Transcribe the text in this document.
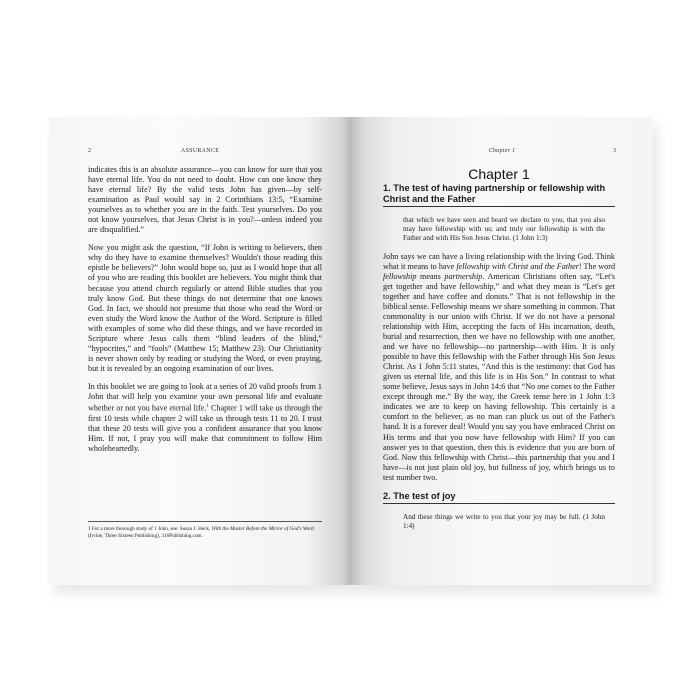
2	ASSURANCE

indicates this is an absolute assurance—you can know for sure that you have eternal life. You do not need to doubt. How can one know they have eternal life? By the valid tests John has given—by self-examination as Paul would say in 2 Corinthians 13:5, “Examine yourselves as to whether you are in the faith. Test yourselves. Do you not know yourselves, that Jesus Christ is in you?—unless indeed you are disqualified.”

Now you might ask the question, “If John is writing to believers, then why do they have to examine themselves? Wouldn't those reading this epistle be believers?” John would hope so, just as I would hope that all of you who are reading this booklet are believers. You might think that because you attend church regularly or attend Bible studies that you truly know God. But these things do not determine that one knows God. In fact, we should not presume that those who read the Word or even study the Word know the Author of the Word. Scripture is filled with examples of some who did these things, and we have recorded in Scripture where Jesus calls them “blind leaders of the blind,” “hypocrites,” and “fools” (Matthew 15; Matthew 23). Our Christianity is never shown only by reading or studying the Word, or even praying, but it is revealed by an ongoing examination of our lives.

In this booklet we are going to look at a series of 20 valid proofs from 1 John that will help you examine your own personal life and evaluate whether or not you have eternal life.$^1$ Chapter 1 will take us through the first 10 tests while chapter 2 will take us through tests 11 to 20. I trust that these 20 tests will give you a confident assurance that you know Him. If not, I pray you will make that commitment to follow Him wholeheartedly.

1 For a more thorough study of 1 John, see: Susan J. Heck, With the Master Before the Mirror of God's Word (Irvine, Three Sixteen Publishing), 316Publishing.com.
Chapter 1	3
Chapter 1
1. The test of having partnership or fellowship with Christ and the Father
that which we have seen and heard we declare to you, that you also may have fellowship with us; and truly our fellowship is with the Father and with His Son Jesus Christ. (1 John 1:3)

John says we can have a living relationship with the living God. Think what it means to have fellowship with Christ and the Father! The word fellowship means partnership. American Christians often say, “Let's get together and have fellowship,” and what they mean is “Let's get together and have coffee and donuts.” That is not fellowship in the biblical sense. Fellowship means we share something in common. That commonality is our union with Christ. If we do not have a personal relationship with Him, accepting the facts of His incarnation, death, burial and resurrection, then we have no fellowship with one another, and we have no fellowship—no partnership—with Him. It is only possible to have this fellowship with the Father through His Son Jesus Christ. As 1 John 5:11 states, “And this is the testimony: that God has given us eternal life, and this life is in His Son.” In contrast to what some believe, Jesus says in John 14:6 that “No one comes to the Father except through me.” By the way, the Greek tense here in 1 John 1:3 indicates we are to keep on having fellowship. This certainly is a comfort to the believer, as no man can pluck us out of the Father's hand. It is a forever deal! Would you say you have embraced Christ on His terms and that you now have fellowship with Him? If you can answer yes to that question, then this is evidence that you are born of God. Now this fellowship with Christ—this partnership that you and I have—is not just plain old joy, but fullness of joy, which brings us to test number two.

2. The test of joy
And these things we write to you that your joy may be full. (1 John 1:4)
